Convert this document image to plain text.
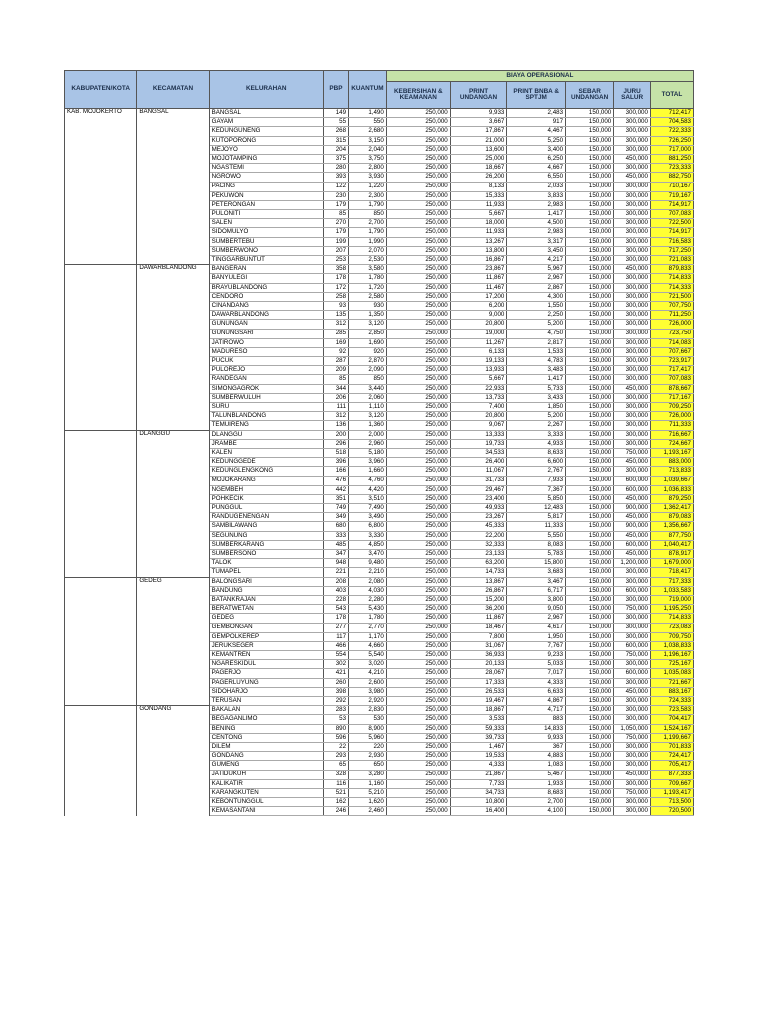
KABUPATEN/KOTA	KECAMATAN	KELURAHAN	PBP	KUANTUM	BIAYA OPERASIONAL					
					KEBERSIHAN & KEAMANAN	PRINT UNDANGAN	PRINT BNBA & SPTJM	SEBAR UNDANGAN	JURU SALUR	TOTAL
KAB. MOJOKERTO	BANGSAL	BANGSAL	149	1,490	250,000	9,933	2,483	150,000	300,000	712,417
		GAYAM	55	550	250,000	3,667	917	150,000	300,000	704,583
		KEDUNGUNENG	268	2,680	250,000	17,867	4,467	150,000	300,000	722,333
		KUTOPORONG	315	3,150	250,000	21,000	5,250	150,000	300,000	726,250
		MEJOYO	204	2,040	250,000	13,600	3,400	150,000	300,000	717,000
		MOJOTAMPING	375	3,750	250,000	25,000	6,250	150,000	450,000	881,250
		NGASTEMI	280	2,800	250,000	18,667	4,667	150,000	300,000	723,333
		NGROWO	393	3,930	250,000	26,200	6,550	150,000	450,000	882,750
		PACING	122	1,220	250,000	8,133	2,033	150,000	300,000	710,167
		PEKUWON	230	2,300	250,000	15,333	3,833	150,000	300,000	719,167
		PETERONGAN	179	1,790	250,000	11,933	2,983	150,000	300,000	714,917
		PULONITI	85	850	250,000	5,667	1,417	150,000	300,000	707,083
		SALEN	270	2,700	250,000	18,000	4,500	150,000	300,000	722,500
		SIDOMULYO	179	1,790	250,000	11,933	2,983	150,000	300,000	714,917
		SUMBERTEBU	199	1,990	250,000	13,267	3,317	150,000	300,000	716,583
		SUMBERWONO	207	2,070	250,000	13,800	3,450	150,000	300,000	717,250
		TINGGARBUNTUT	253	2,530	250,000	16,867	4,217	150,000	300,000	721,083
	DAWARBLANDONG	BANGERAN	358	3,580	250,000	23,867	5,967	150,000	450,000	879,833
		BANYULEGI	178	1,780	250,000	11,867	2,967	150,000	300,000	714,833
		BRAYUBLANDONG	172	1,720	250,000	11,467	2,867	150,000	300,000	714,333
		CENDORO	258	2,580	250,000	17,200	4,300	150,000	300,000	721,500
		CINANDANG	93	930	250,000	6,200	1,550	150,000	300,000	707,750
		DAWARBLANDONG	135	1,350	250,000	9,000	2,250	150,000	300,000	711,250
		GUNUNGAN	312	3,120	250,000	20,800	5,200	150,000	300,000	726,000
		GUNUNGSARI	285	2,850	250,000	19,000	4,750	150,000	300,000	723,750
		JATIROWO	169	1,690	250,000	11,267	2,817	150,000	300,000	714,083
		MADURESO	92	920	250,000	6,133	1,533	150,000	300,000	707,667
		PUCUK	287	2,870	250,000	19,133	4,783	150,000	300,000	723,917
		PULOREJO	209	2,090	250,000	13,933	3,483	150,000	300,000	717,417
		RANDEGAN	85	850	250,000	5,667	1,417	150,000	300,000	707,083
		SIMONGAGROK	344	3,440	250,000	22,933	5,733	150,000	450,000	878,667
		SUMBERWULUH	206	2,060	250,000	13,733	3,433	150,000	300,000	717,167
		SURU	111	1,110	250,000	7,400	1,850	150,000	300,000	709,250
		TALUNBLANDONG	312	3,120	250,000	20,800	5,200	150,000	300,000	726,000
		TEMUIRENG	136	1,360	250,000	9,067	2,267	150,000	300,000	711,333
	DLANGGU	DLANGGU	200	2,000	250,000	13,333	3,333	150,000	300,000	716,667
		JRAMBE	296	2,960	250,000	19,733	4,933	150,000	300,000	724,667
		KALEN	518	5,180	250,000	34,533	8,633	150,000	750,000	1,193,167
		KEDUNGGEDE	396	3,960	250,000	26,400	6,600	150,000	450,000	883,000
		KEDUNGLENGKONG	166	1,660	250,000	11,067	2,767	150,000	300,000	713,833
		MOJOKARANG	476	4,760	250,000	31,733	7,933	150,000	600,000	1,039,667
		NGEMBEH	442	4,420	250,000	29,467	7,367	150,000	600,000	1,036,833
		POHKECIK	351	3,510	250,000	23,400	5,850	150,000	450,000	879,250
		PUNGGUL	749	7,490	250,000	49,933	12,483	150,000	900,000	1,362,417
		RANDUGENENGAN	349	3,490	250,000	23,267	5,817	150,000	450,000	879,083
		SAMBILAWANG	680	6,800	250,000	45,333	11,333	150,000	900,000	1,356,667
		SEGUNUNG	333	3,330	250,000	22,200	5,550	150,000	450,000	877,750
		SUMBERKARANG	485	4,850	250,000	32,333	8,083	150,000	600,000	1,040,417
		SUMBERSONO	347	3,470	250,000	23,133	5,783	150,000	450,000	878,917
		TALOK	948	9,480	250,000	63,200	15,800	150,000	1,200,000	1,679,000
		TUMAPEL	221	2,210	250,000	14,733	3,683	150,000	300,000	718,417
	GEDEG	BALONGSARI	208	2,080	250,000	13,867	3,467	150,000	300,000	717,333
		BANDUNG	403	4,030	250,000	26,867	6,717	150,000	600,000	1,033,583
		BATANKRAJAN	228	2,280	250,000	15,200	3,800	150,000	300,000	719,000
		BERATWETAN	543	5,430	250,000	36,200	9,050	150,000	750,000	1,195,250
		GEDEG	178	1,780	250,000	11,867	2,967	150,000	300,000	714,833
		GEMBONGAN	277	2,770	250,000	18,467	4,617	150,000	300,000	723,083
		GEMPOLKEREP	117	1,170	250,000	7,800	1,950	150,000	300,000	709,750
		JERUKSEGER	466	4,660	250,000	31,067	7,767	150,000	600,000	1,038,833
		KEMANTREN	554	5,540	250,000	36,933	9,233	150,000	750,000	1,196,167
		NGARESKIDUL	302	3,020	250,000	20,133	5,033	150,000	300,000	725,167
		PAGERJO	421	4,210	250,000	28,067	7,017	150,000	600,000	1,035,083
		PAGERLUYUNG	260	2,600	250,000	17,333	4,333	150,000	300,000	721,667
		SIDOHARJO	398	3,980	250,000	26,533	6,633	150,000	450,000	883,167
		TERUSAN	292	2,920	250,000	19,467	4,867	150,000	300,000	724,333
	GONDANG	BAKALAN	283	2,830	250,000	18,867	4,717	150,000	300,000	723,583
		BEGAGANLIMO	53	530	250,000	3,533	883	150,000	300,000	704,417
		BENING	890	8,900	250,000	59,333	14,833	150,000	1,050,000	1,524,167
		CENTONG	596	5,960	250,000	39,733	9,933	150,000	750,000	1,199,667
		DILEM	22	220	250,000	1,467	367	150,000	300,000	701,833
		GONDANG	293	2,930	250,000	19,533	4,883	150,000	300,000	724,417
		GUMENG	65	650	250,000	4,333	1,083	150,000	300,000	705,417
		JATIDUKUH	328	3,280	250,000	21,867	5,467	150,000	450,000	877,333
		KALIKATIR	116	1,160	250,000	7,733	1,933	150,000	300,000	709,667
		KARANGKUTEN	521	5,210	250,000	34,733	8,683	150,000	750,000	1,193,417
		KEBONTUNGGUL	162	1,620	250,000	10,800	2,700	150,000	300,000	713,500
		KEMASANTANI	246	2,460	250,000	16,400	4,100	150,000	300,000	720,500
